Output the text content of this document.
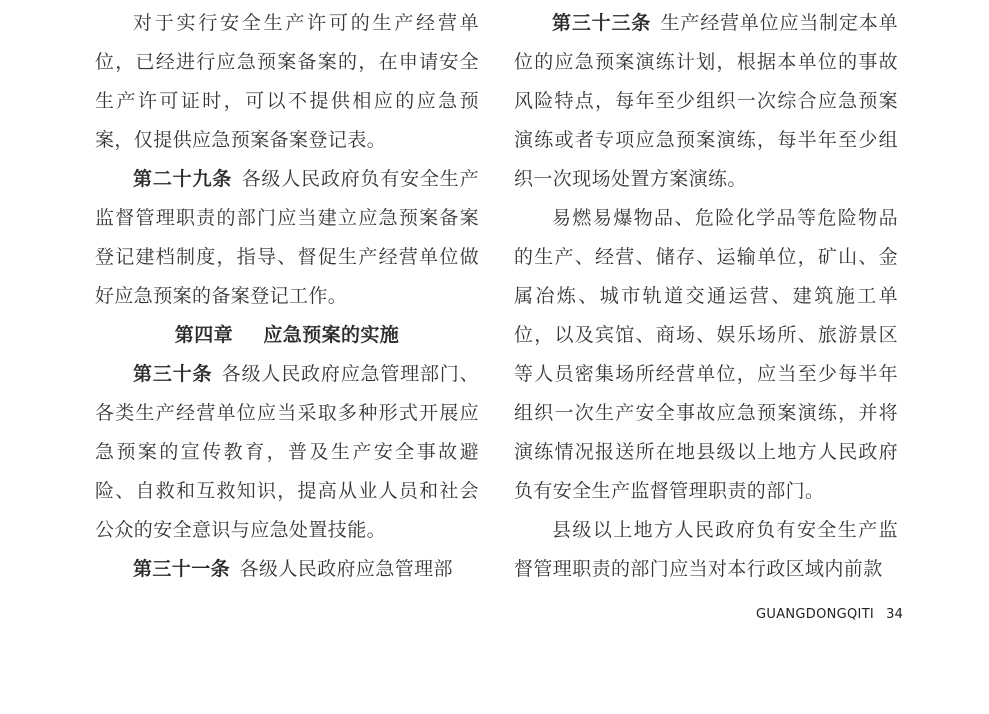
对于实行安全生产许可的生产经营单位，已经进行应急预案备案的，在申请安全生产许可证时，可以不提供相应的应急预案，仅提供应急预案备案登记表。

第二十九条 各级人民政府负有安全生产监督管理职责的部门应当建立应急预案备案登记建档制度，指导、督促生产经营单位做好应急预案的备案登记工作。

第四章 应急预案的实施

第三十条 各级人民政府应急管理部门、各类生产经营单位应当采取多种形式开展应急预案的宣传教育，普及生产安全事故避险、自救和互救知识，提高从业人员和社会公众的安全意识与应急处置技能。

第三十一条 各级人民政府应急管理部

第三十三条 生产经营单位应当制定本单位的应急预案演练计划，根据本单位的事故风险特点，每年至少组织一次综合应急预案演练或者专项应急预案演练，每半年至少组织一次现场处置方案演练。

易燃易爆物品、危险化学品等危险物品的生产、经营、储存、运输单位，矿山、金属冶炼、城市轨道交通运营、建筑施工单位，以及宾馆、商场、娱乐场所、旅游景区等人员密集场所经营单位，应当至少每半年组织一次生产安全事故应急预案演练，并将演练情况报送所在地县级以上地方人民政府负有安全生产监督管理职责的部门。

县级以上地方人民政府负有安全生产监督管理职责的部门应当对本行政区域内前款

GUANGDONGQITI 34
